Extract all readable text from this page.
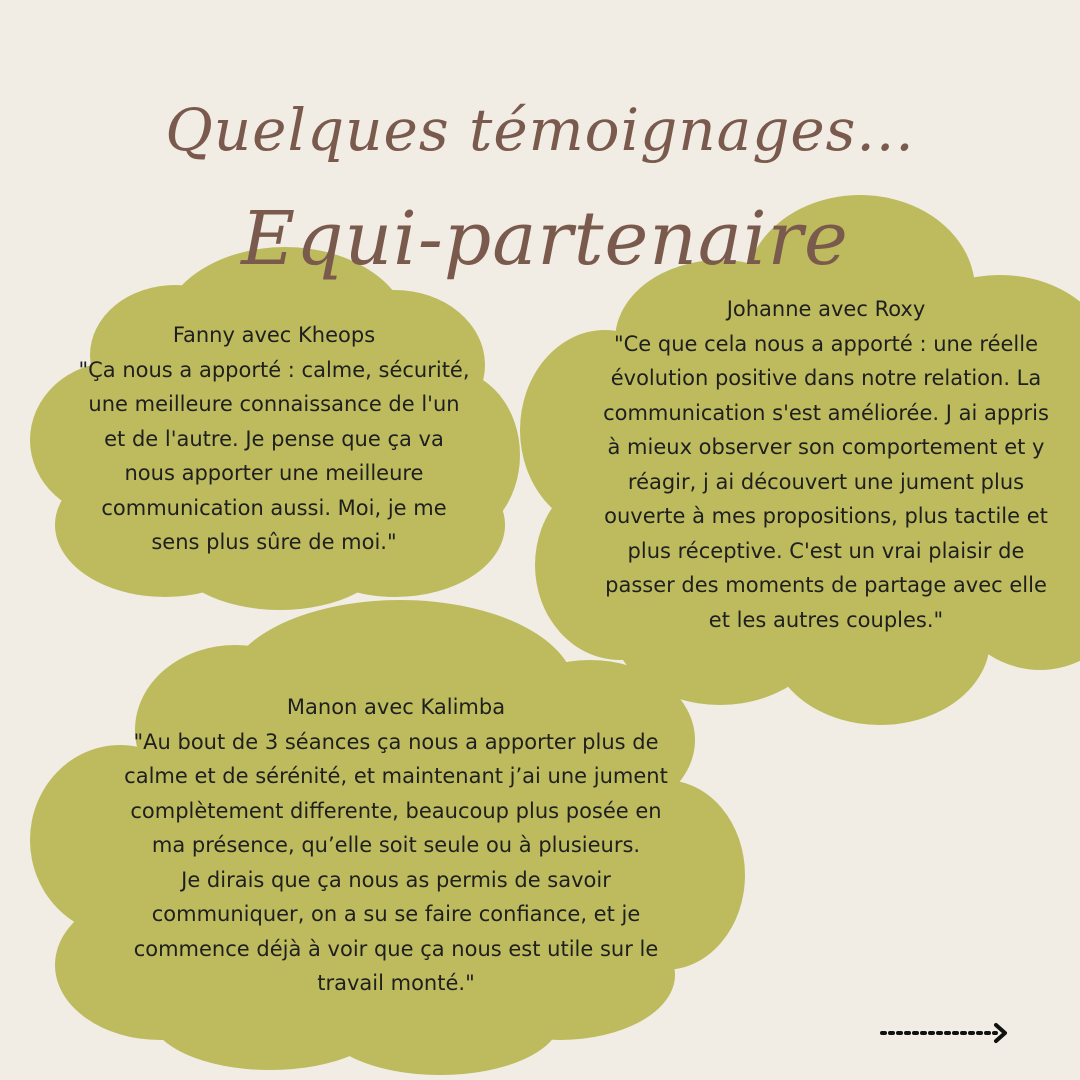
Quelques témoignages...
Equi-partenaire

Fanny avec Kheops

"Ça nous a apporté : calme, sécurité,

une meilleure connaissance de l'un

et de l'autre. Je pense que ça va

nous apporter une meilleure

communication aussi. Moi, je me

sens plus sûre de moi."

Johanne avec Roxy

"Ce que cela nous a apporté : une réelle

évolution positive dans notre relation. La

communication s'est améliorée. J ai appris

à mieux observer son comportement et y

réagir, j ai découvert une jument plus

ouverte à mes propositions, plus tactile et

plus réceptive. C'est un vrai plaisir de

passer des moments de partage avec elle

et les autres couples."

Manon avec Kalimba

"Au bout de 3 séances ça nous a apporter plus de

calme et de sérénité, et maintenant j’ai une jument

complètement differente, beaucoup plus posée en

ma présence, qu’elle soit seule ou à plusieurs.

Je dirais que ça nous as permis de savoir

communiquer, on a su se faire confiance, et je

commence déjà à voir que ça nous est utile sur le

travail monté."
